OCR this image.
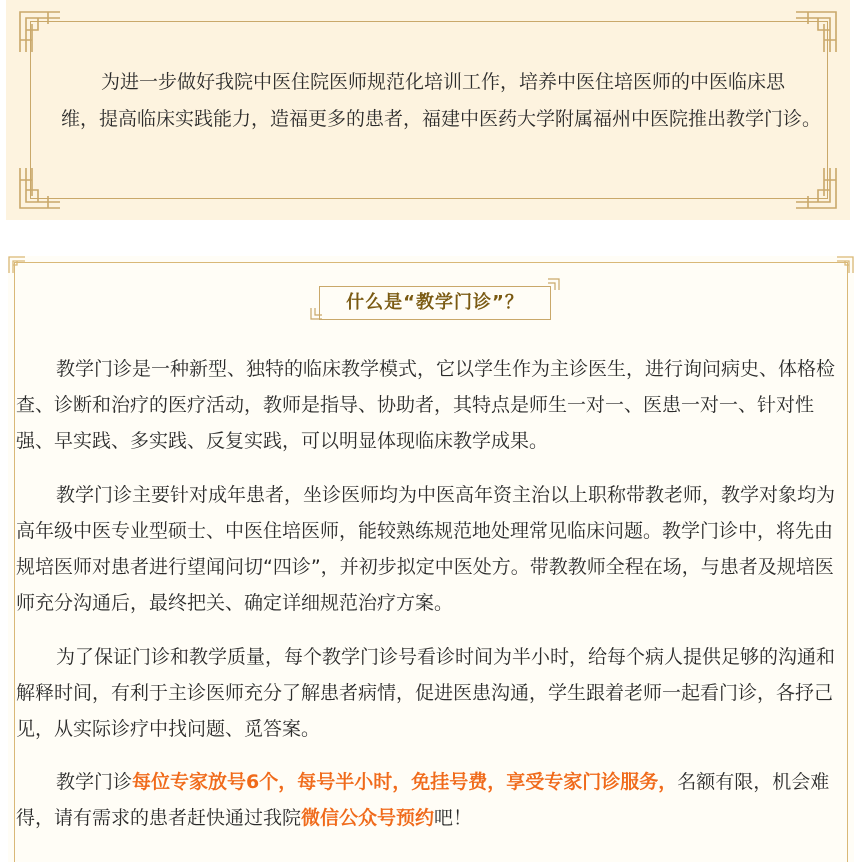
为进一步做好我院中医住院医师规范化培训工作，培养中医住培医师的中医临床思维，提高临床实践能力，造福更多的患者，福建中医药大学附属福州中医院推出教学门诊。

什么是“教学门诊”？

教学门诊是一种新型、独特的临床教学模式，它以学生作为主诊医生，进行询问病史、体格检查、诊断和治疗的医疗活动，教师是指导、协助者，其特点是师生一对一、医患一对一、针对性强、早实践、多实践、反复实践，可以明显体现临床教学成果。

教学门诊主要针对成年患者，坐诊医师均为中医高年资主治以上职称带教老师，教学对象均为高年级中医专业型硕士、中医住培医师，能较熟练规范地处理常见临床问题。教学门诊中，将先由规培医师对患者进行望闻问切“四诊”，并初步拟定中医处方。带教教师全程在场，与患者及规培医师充分沟通后，最终把关、确定详细规范治疗方案。

为了保证门诊和教学质量，每个教学门诊号看诊时间为半小时，给每个病人提供足够的沟通和解释时间，有利于主诊医师充分了解患者病情，促进医患沟通，学生跟着老师一起看门诊，各抒己见，从实际诊疗中找问题、觅答案。

教学门诊每位专家放号6个，每号半小时，免挂号费，享受专家门诊服务，名额有限，机会难得，请有需求的患者赶快通过我院微信公众号预约吧！
